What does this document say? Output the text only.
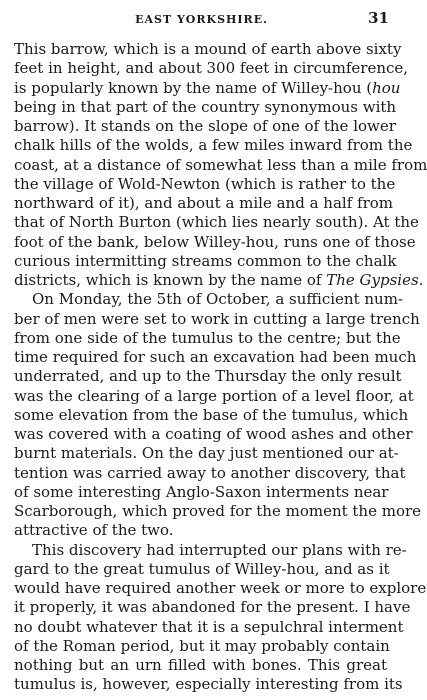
EAST YORKSHIRE.	31
This barrow, which is a mound of earth above sixty
feet in height, and about 300 feet in circumference,
is popularly known by the name of Willey-hou (hou
being in that part of the country synonymous with
barrow). It stands on the slope of one of the lower
chalk hills of the wolds, a few miles inward from the
coast, at a distance of somewhat less than a mile from
the village of Wold-Newton (which is rather to the
northward of it), and about a mile and a half from
that of North Burton (which lies nearly south). At the
foot of the bank, below Willey-hou, runs one of those
curious intermitting streams common to the chalk
districts, which is known by the name of The Gypsies.
On Monday, the 5th of October, a sufficient num-
ber of men were set to work in cutting a large trench
from one side of the tumulus to the centre; but the
time required for such an excavation had been much
underrated, and up to the Thursday the only result
was the clearing of a large portion of a level floor, at
some elevation from the base of the tumulus, which
was covered with a coating of wood ashes and other
burnt materials. On the day just mentioned our at-
tention was carried away to another discovery, that
of some interesting Anglo-Saxon interments near
Scarborough, which proved for the moment the more
attractive of the two.
This discovery had interrupted our plans with re-
gard to the great tumulus of Willey-hou, and as it
would have required another week or more to explore
it properly, it was abandoned for the present. I have
no doubt whatever that it is a sepulchral interment
of the Roman period, but it may probably contain
nothing but an urn filled with bones. This great
tumulus is, however, especially interesting from its
